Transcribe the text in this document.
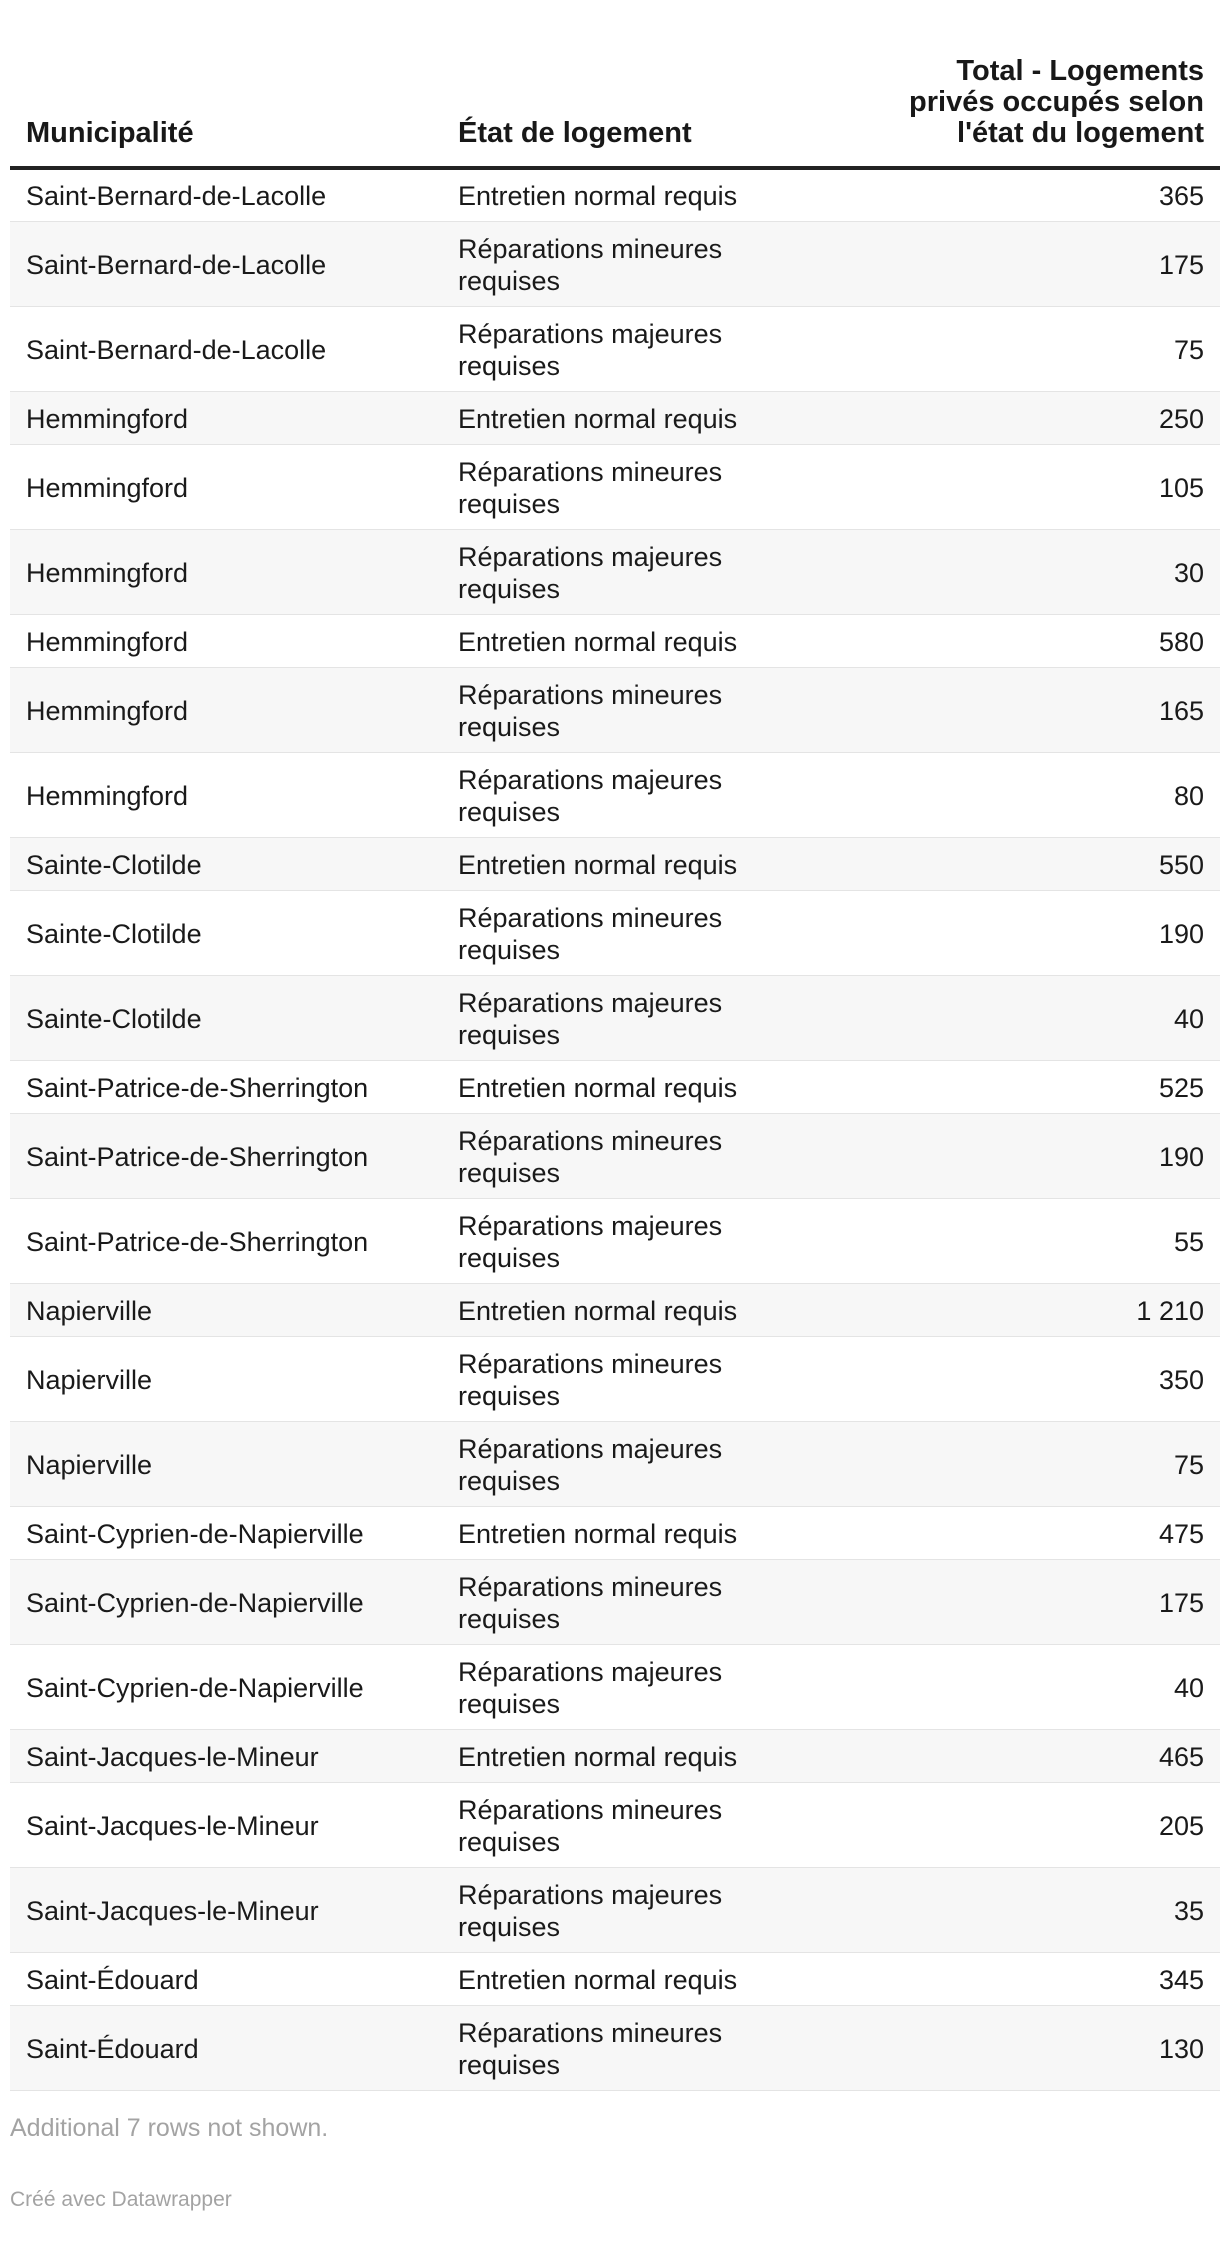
Municipalité	État de logement	Total - Logements
privés occupés selon
l'état du logement
Saint-Bernard-de-Lacolle	Entretien normal requis	365
Saint-Bernard-de-Lacolle	Réparations mineures requises	175
Saint-Bernard-de-Lacolle	Réparations majeures requises	75
Hemmingford	Entretien normal requis	250
Hemmingford	Réparations mineures requises	105
Hemmingford	Réparations majeures requises	30
Hemmingford	Entretien normal requis	580
Hemmingford	Réparations mineures requises	165
Hemmingford	Réparations majeures requises	80
Sainte-Clotilde	Entretien normal requis	550
Sainte-Clotilde	Réparations mineures requises	190
Sainte-Clotilde	Réparations majeures requises	40
Saint-Patrice-de-Sherrington	Entretien normal requis	525
Saint-Patrice-de-Sherrington	Réparations mineures requises	190
Saint-Patrice-de-Sherrington	Réparations majeures requises	55
Napierville	Entretien normal requis	1 210
Napierville	Réparations mineures requises	350
Napierville	Réparations majeures requises	75
Saint-Cyprien-de-Napierville	Entretien normal requis	475
Saint-Cyprien-de-Napierville	Réparations mineures requises	175
Saint-Cyprien-de-Napierville	Réparations majeures requises	40
Saint-Jacques-le-Mineur	Entretien normal requis	465
Saint-Jacques-le-Mineur	Réparations mineures requises	205
Saint-Jacques-le-Mineur	Réparations majeures requises	35
Saint-Édouard	Entretien normal requis	345
Saint-Édouard	Réparations mineures requises	130
Additional 7 rows not shown.
Créé avec Datawrapper
